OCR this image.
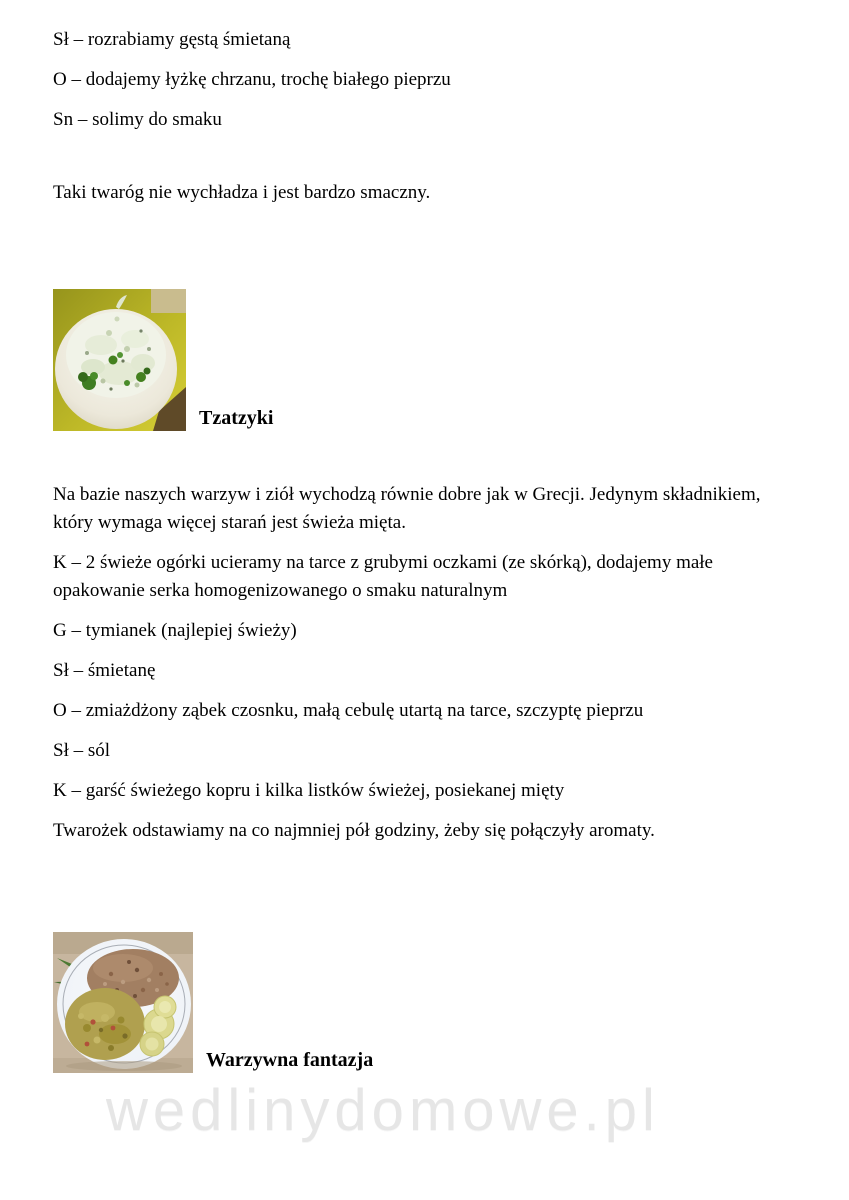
Sł – rozrabiamy gęstą śmietaną

O – dodajemy łyżkę chrzanu, trochę białego pieprzu

Sn – solimy do smaku

Taki twaróg nie wychładza i jest bardzo smaczny.

Tzatzyki

Na bazie naszych warzyw i ziół wychodzą równie dobre jak w Grecji. Jedynym składnikiem, który wymaga więcej starań jest świeża mięta.

K – 2 świeże ogórki ucieramy na tarce z grubymi oczkami (ze skórką), dodajemy małe opakowanie serka homogenizowanego o smaku naturalnym

G – tymianek (najlepiej świeży)

Sł – śmietanę

O – zmiażdżony ząbek czosnku, małą cebulę utartą na tarce, szczyptę pieprzu

Sł – sól

K – garść świeżego kopru i kilka listków świeżej, posiekanej mięty

Twarożek odstawiamy na co najmniej pół godziny, żeby się połączyły aromaty.

Warzywna fantazja
wedlinydomowe.pl
